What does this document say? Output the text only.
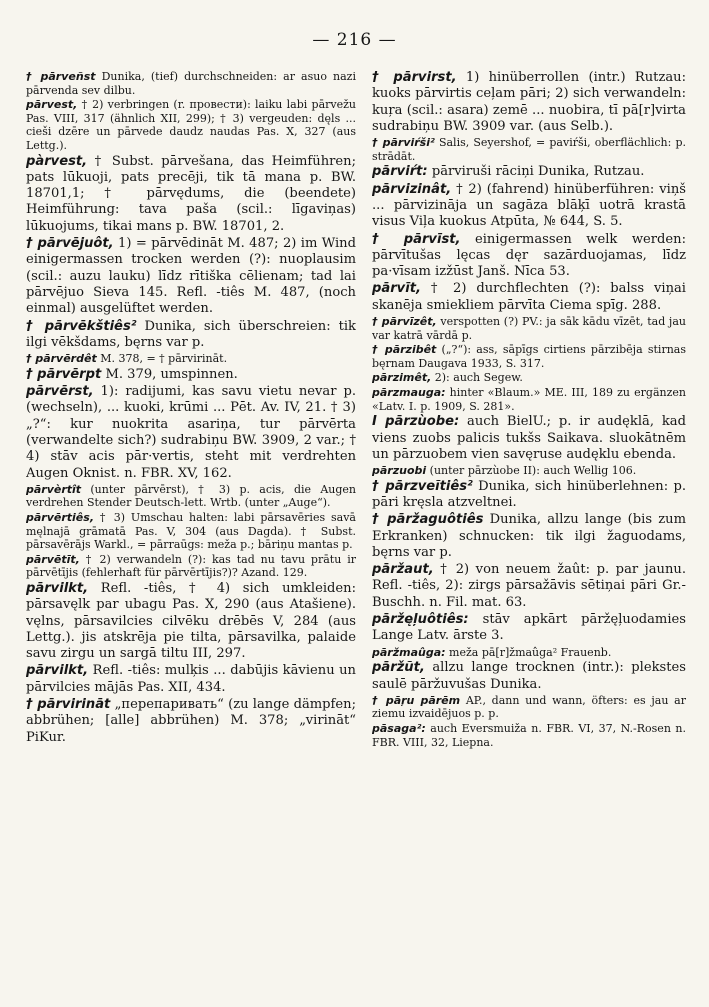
— 216 —

† pārveñst Dunika, (tief) durchschneiden: ar asuo nazi pārvenda sev dilbu.

pārvest, † 2) verbringen (r. провести): laiku labi pārvežu Pas. VIII, 317 (ähnlich XII, 299); † 3) vergeuden: dęls ... cieši dzēre un pārvede daudz naudas Pas. X, 327 (aus Lettg.).

pàrvest, † Subst. pārvešana, das Heimführen; pats lūkuoji, pats precēji, tik tā mana p. BW. 18701,1; † pārvędums, die (beendete) Heimführung: tava paša (scil.: līgaviņas) lūkuojums, tikai mans p. BW. 18701, 2.

† pārvējuôt, 1) = pārvēdināt M. 487; 2) im Wind einigermassen trocken werden (?): nuoplausim (scil.: auzu lauku) līdz rītiška cēlienam; tad lai pārvējuo Sieva 145. Refl. -tiês M. 487, (noch einmal) ausgelüftet werden.

† pārvēkštiês² Dunika, sich überschreien: tik ilgi vēkšdams, bęrns var p.

† pārvērdêt M. 378, = † pārvirināt.

† pārvērpt M. 379, umspinnen.

pārvērst, 1): radijumi, kas savu vietu nevar p. (wechseln), ... kuoki, krūmi ... Pēt. Av. IV, 21. † 3) „?“: kur nuokrita asariņa, tur pārvērta (verwandelte sich?) sudrabiņu BW. 3909, 2 var.; † 4) stāv acis pār·vertis, steht mit verdrehten Augen Oknist. n. FBR. XV, 162.

pārvèrtît (unter pārvērst), † 3) p. acis, die Augen verdrehen Stender Deutsch-lett. Wrtb. (unter „Auge“).

pārvērtiês, † 3) Umschau halten: labi pārsavēries savā męlnajā grāmatā Pas. V, 304 (aus Dagda). † Subst. pārsavērājs Warkl., = pārraūgs: meža p.; bāriņu mantas p.

pārvētīt, † 2) verwandeln (?): kas tad nu tavu prātu ir pārvētījis (fehlerhaft für pārvērtījis?)? Azand. 129.

pārvilkt, Refl. -tiês, † 4) sich umkleiden: pārsavęlk par ubagu Pas. X, 290 (aus Atašiene). vęlns, pārsavilcies cilvēku drēbēs V, 284 (aus Lettg.). jis atskrēja pie tilta, pārsavilka, palaide savu zirgu un sargā tiltu III, 297.

pārvilkt, Refl. -tiês: mulķis ... dabūjis kāvienu un pārvilcies mājās Pas. XII, 434.

† pārvirināt „перепаривать“ (zu lange dämpfen; abbrühen; [alle] abbrühen) M. 378; „virināt“ PiKur.

† pārvirst, 1) hinüberrollen (intr.) Rutzau: kuoks pārvirtis ceļam pāri; 2) sich verwandeln: kuŗa (scil.: asara) zemē ... nuobira, tī pā[r]virta sudrabiņu BW. 3909 var. (aus Selb.).

† pārviŕši² Salis, Seyershof, = paviŕši, oberflächlich: p. strādāt.

pārviŕt: pārviruši rāciņi Dunika, Rutzau.

pārvizinât, † 2) (fahrend) hinüberführen: viņš ... pārvizināja un sagāza blāķī uotrā krastā visus Viļa kuokus Atpūta, № 644, S. 5.

† pārvīst, einigermassen welk werden: pārvītušas lęcas dęr sazārduojamas, līdz pa·vīsam izžūst Janš. Nīca 53.

pārvīt, † 2) durchflechten (?): balss viņai skanēja smiekliem pārvīta Ciema spīg. 288.

† pārvīzêt, verspotten (?) PV.: ja sāk kādu vīzēt, tad jau var katrā vārdā p.

† pārzibêt („?“): ass, sāpīgs cirtiens pārzibēja stirnas bęrnam Daugava 1933, S. 317.

pārzimêt, 2): auch Segew.

pārzmauga: hinter «Blaum.» ME. III, 189 zu ergänzen «Latv. I. p. 1909, S. 281».

I pārzùobe: auch BielU.; p. ir audęklā, kad viens zuobs palicis tukšs Saikava. sluokātnēm un pārzuobem vien savęruse audęklu ebenda.

pārzuobi (unter pārzùobe II): auch Wellig 106.

† pārzveĩtiês² Dunika, sich hinüberlehnen: p. pāri kręsla atzveltnei.

† pāržaguôtiês Dunika, allzu lange (bis zum Erkranken) schnucken: tik ilgi žaguodams, bęrns var p.

pāržaut, † 2) von neuem žaût: p. par jaunu. Refl. -tiês, 2): zirgs pārsažāvis sētiņai pāri Gr.-Buschh. n. Fil. mat. 63.

pāržęļuôtiês: stāv apkārt pāržęļuodamies Lange Latv. ārste 3.

pāržmaûga: meža pā[r]žmaûga² Frauenb.

pāržũt, allzu lange trocknen (intr.): plekstes saulē pāržuvušas Dunika.

† pāŗu pārēm AP., dann und wann, öfters: es jau ar ziemu izvaidējuos p. p.

pāsaga²: auch Eversmuiža n. FBR. VI, 37, N.-Rosen n. FBR. VIII, 32, Liepna.
